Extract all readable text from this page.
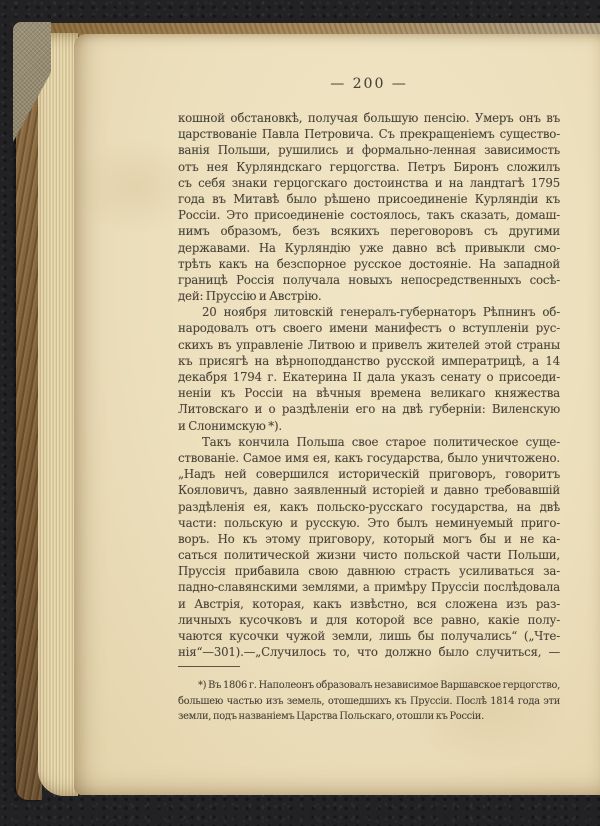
— 200 —
кошной обстановкѣ, получая большую пенсію. Умеръ онъ въ
царствованіе Павла Петровича. Съ прекращеніемъ существо-
ванія Польши, рушились и формально-ленная зависимость
отъ нея Курляндскаго герцогства. Петръ Биронъ сложилъ
съ себя знаки герцогскаго достоинства и на ландтагѣ 1795
года въ Митавѣ было рѣшено присоединеніе Курляндіи къ
Россіи. Это присоединеніе состоялось, такъ сказать, домаш-
нимъ образомъ, безъ всякихъ переговоровъ съ другими
державами. На Курляндію уже давно всѣ привыкли смо-
трѣть какъ на безспорное русское достояніе. На западной
границѣ Россія получала новыхъ непосредственныхъ сосѣ-
дей: Пруссію и Австрію.
20 ноября литовскій генералъ-губернаторъ Рѣпнинъ об-
народовалъ отъ своего имени манифестъ о вступленіи рус-
скихъ въ управленіе Литвою и привелъ жителей этой страны
къ присягѣ на вѣрноподданство русской императрицѣ, а 14
декабря 1794 г. Екатерина II дала указъ сенату о присоеди-
неніи къ Россіи на вѣчныя времена великаго княжества
Литовскаго и о раздѣленіи его на двѣ губерніи: Виленскую
и Слонимскую *).
Такъ кончила Польша свое старое политическое суще-
ствованіе. Самое имя ея, какъ государства, было уничтожено.
„Надъ ней совершился историческій приговоръ, говоритъ
Кояловичъ, давно заявленный исторіей и давно требовавшій
раздѣленія ея, какъ польско-русскаго государства, на двѣ
части: польскую и русскую. Это былъ неминуемый приго-
воръ. Но къ этому приговору, который могъ бы и не ка-
саться политической жизни чисто польской части Польши,
Пруссія прибавила свою давнюю страсть усиливаться за-
падно-славянскими землями, а примѣру Пруссіи послѣдовала
и Австрія, которая, какъ извѣстно, вся сложена изъ раз-
личныхъ кусочковъ и для которой все равно, какіе полу-
чаются кусочки чужой земли, лишь бы получались“ („Чте-
нія“—301).—„Случилось то, что должно было случиться, —
*) Въ 1806 г. Наполеонъ образовалъ независимое Варшавское герцогство,
большею частью изъ земель, отошедшихъ къ Пруссіи. Послѣ 1814 года эти
земли, подъ названіемъ Царства Польскаго, отошли къ Россіи.
